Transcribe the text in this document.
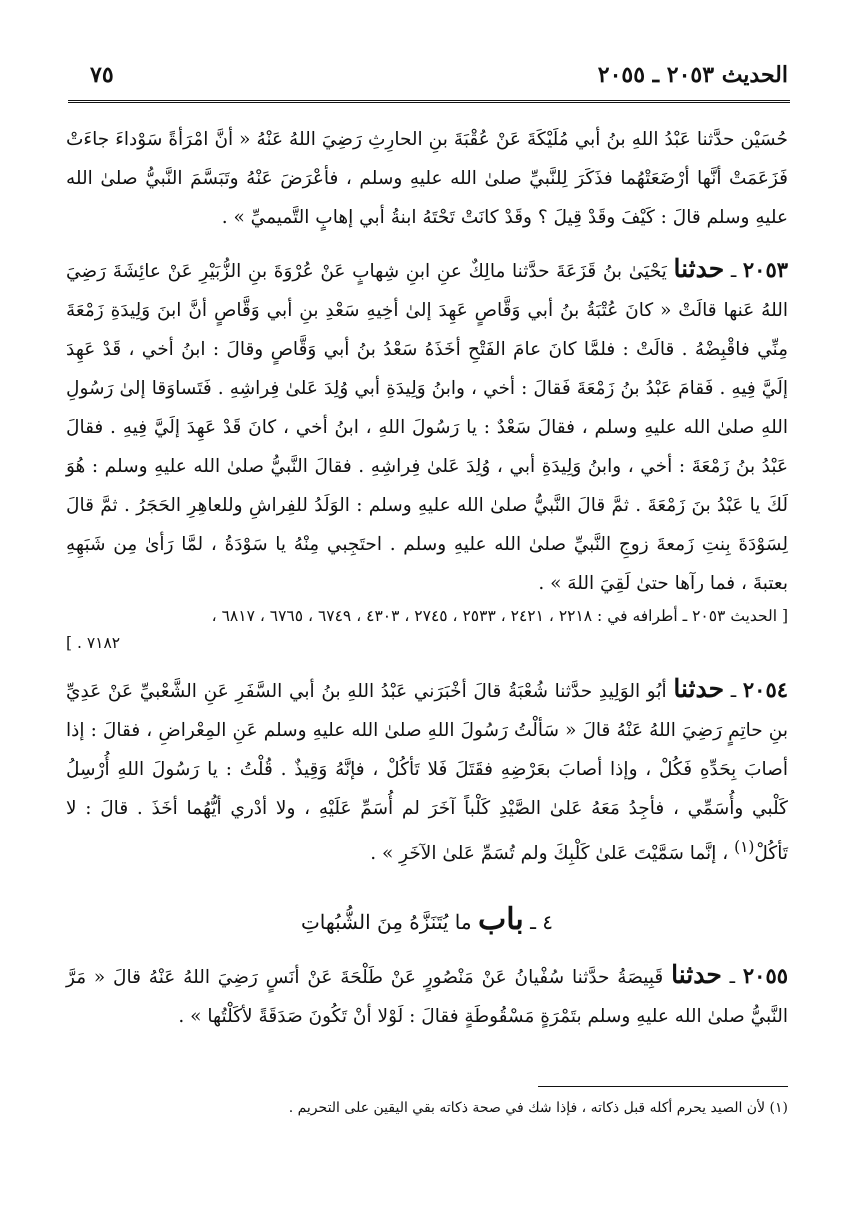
الحديث ٢٠٥٣ ـ ٢٠٥٥
٧٥

حُسَيْن حدَّثنا عَبْدُ اللهِ بنُ أبي مُلَيْكَةَ عَنْ عُقْبَةَ بنِ الحارِثِ رَضِيَ اللهُ عَنْهُ « أنَّ امْرَأةً سَوْداءَ جاءَتْ فَزَعَمَتْ أنَّها أرْضَعَتْهُما فذَكَرَ لِلنَّبيِّ صلىٰ الله عليهِ وسلم ، فأعْرَضَ عَنْهُ وتَبَسَّمَ النَّبيُّ صلىٰ الله عليهِ وسلم قالَ : كَيْفَ وقَدْ قِيلَ ؟ وقَدْ كانَتْ تَحْتَهُ ابنةُ أبي إهابٍ التَّميميِّ » .

٢٠٥٣ ـ حدثنا يَحْيَىٰ بنُ قَزَعَةَ حدَّثنا مالِكٌ عنِ ابنِ شِهابٍ عَنْ عُرْوَةَ بنِ الزُّبَيْرِ عَنْ عائِشَةَ رَضِيَ اللهُ عَنها قالَتْ « كانَ عُتْبَةُ بنُ أبي وَقَّاصٍ عَهِدَ إلىٰ أخِيهِ سَعْدِ بنِ أبي وَقَّاصٍ أنَّ ابنَ وَلِيدَةِ زَمْعَةَ مِنِّي فاقْبِضْهُ . قالَتْ : فلمَّا كانَ عامَ الفَتْحِ أخَذَهُ سَعْدُ بنُ أبي وَقَّاصٍ وقالَ : ابنُ أخي ، قَدْ عَهِدَ إلَيَّ فِيهِ . فَقامَ عَبْدُ بنُ زَمْعَةَ فَقالَ : أخي ، وابنُ وَلِيدَةِ أبي وُلِدَ عَلىٰ فِراشِهِ . فَتَساوَقا إلىٰ رَسُولِ اللهِ صلىٰ الله عليهِ وسلم ، فقالَ سَعْدٌ : يا رَسُولَ اللهِ ، ابنُ أخي ، كانَ قَدْ عَهِدَ إلَيَّ فِيهِ . فقالَ عَبْدُ بنُ زَمْعَةَ : أخي ، وابنُ وَلِيدَةِ أبي ، وُلِدَ عَلىٰ فِراشِهِ . فقالَ النَّبيُّ صلىٰ الله عليهِ وسلم : هُوَ لَكَ يا عَبْدُ بنَ زَمْعَةَ . ثمَّ قالَ النَّبيُّ صلىٰ الله عليهِ وسلم : الوَلَدُ للفِراشِ وللعاهِرِ الحَجَرُ . ثمَّ قالَ لِسَوْدَةَ بِنتِ زَمعةَ زوجِ النَّبيِّ صلىٰ الله عليهِ وسلم . احتَجِبي مِنْهُ يا سَوْدَةُ ، لمَّا رَأىٰ مِن شَبَهِهِ بعتبةَ ، فما رآها حتىٰ لَقِيَ اللهَ » .

[ الحديث ٢٠٥٣ ـ أطرافه في : ٢٢١٨ ، ٢٤٢١ ، ٢٥٣٣ ، ٢٧٤٥ ، ٤٣٠٣ ، ٦٧٤٩ ، ٦٧٦٥ ، ٦٨١٧ ،
٧١٨٢ . ]

٢٠٥٤ ـ حدثنا أبُو الوَلِيدِ حدَّثنا شُعْبَةُ قالَ أخْبَرَني عَبْدُ اللهِ بنُ أبي السَّفَرِ عَنِ الشَّعْبيِّ عَنْ عَدِيِّ بنِ حاتِمٍ رَضِيَ اللهُ عَنْهُ قالَ « سَألْتُ رَسُولَ اللهِ صلىٰ الله عليهِ وسلم عَنِ المِعْراضِ ، فقالَ : إذا أصابَ بِحَدِّهِ فَكُلْ ، وإذا أصابَ بعَرْضِهِ فقَتَلَ فَلا تَأكُلْ ، فإنَّهُ وَقِيذٌ . قُلْتُ : يا رَسُولَ اللهِ أُرْسِلُ كَلْبي وأُسَمِّي ، فأجِدُ مَعَهُ عَلىٰ الصَّيْدِ كَلْباً آخَرَ لم أُسَمِّ عَلَيْهِ ، ولا أدْري أيُّهُما أخَذَ . قالَ : لا تَأكُلْ$^{(١)}$ ، إنَّما سَمَّيْتَ عَلىٰ كَلْبِكَ ولم تُسَمِّ عَلىٰ الآخَرِ » .

٤ ـ باب ما يُتَنَزَّهُ مِنَ الشُّبُهاتِ

٢٠٥٥ ـ حدثنا قَبِيصَةُ حدَّثنا سُفْيانُ عَنْ مَنْصُورٍ عَنْ طَلْحَةَ عَنْ أنَسٍ رَضِيَ اللهُ عَنْهُ قالَ « مَرَّ النَّبيُّ صلىٰ الله عليهِ وسلم بتَمْرَةٍ مَسْقُوطَةٍ فقالَ : لَوْلا أنْ تَكُونَ صَدَقَةً لأكَلْتُها » .

(١) لأن الصيد يحرم أكله قبل ذكاته ، فإذا شك في صحة ذكاته بقي اليقين على التحريم .
